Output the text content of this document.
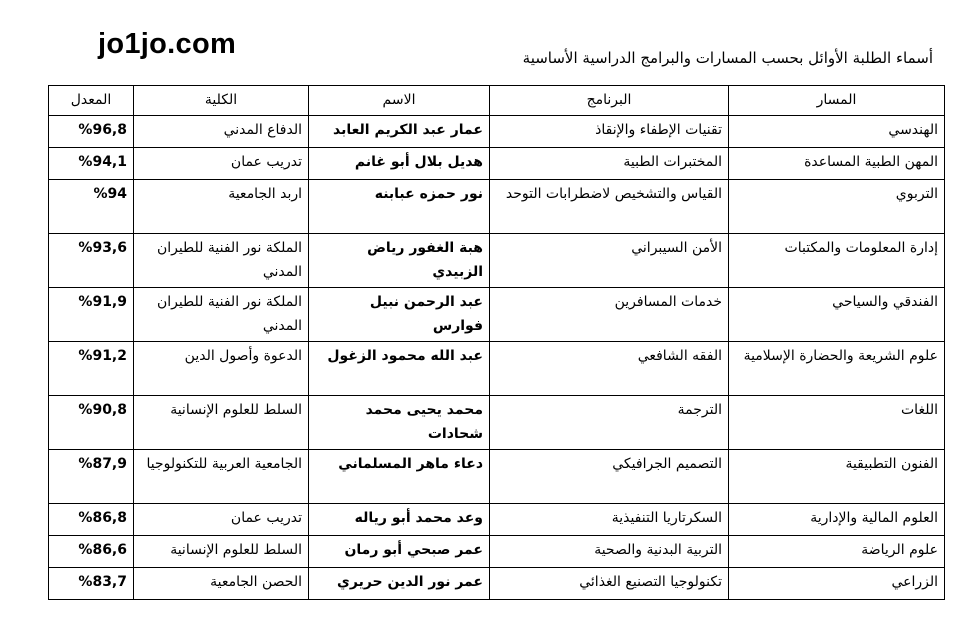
jo1jo.com	أسماء الطلبة الأوائل بحسب المسارات والبرامج الدراسية الأساسية
المسار	البرنامج	الاسم	الكلية	المعدل
الهندسي	تقنيات الإطفاء والإنقاذ	عمار عبد الكريم العابد	الدفاع المدني	%96,8
المهن الطبية المساعدة	المختبرات الطبية	هديل بلال أبو غانم	تدريب عمان	%94,1
التربوي	القياس والتشخيص لاضطرابات التوحد	نور حمزه عبابنه	اربد الجامعية	%94
إدارة المعلومات والمكتبات	الأمن السيبراني	هبة الغفور رياض الزبيدي	الملكة نور الفنية للطيران المدني	%93,6
الفندقي والسياحي	خدمات المسافرين	عبد الرحمن نبيل فوارس	الملكة نور الفنية للطيران المدني	%91,9
علوم الشريعة والحضارة الإسلامية	الفقه الشافعي	عبد الله محمود الزغول	الدعوة وأصول الدين	%91,2
اللغات	الترجمة	محمد يحيى محمد شحادات	السلط للعلوم الإنسانية	%90,8
الفنون التطبيقية	التصميم الجرافيكي	دعاء ماهر المسلماني	الجامعية العربية للتكنولوجيا	%87,9
العلوم المالية والإدارية	السكرتاريا التنفيذية	وعد محمد أبو رياله	تدريب عمان	%86,8
علوم الرياضة	التربية البدنية والصحية	عمر صبحي أبو رمان	السلط للعلوم الإنسانية	%86,6
الزراعي	تكنولوجيا التصنيع الغذائي	عمر نور الدين حريري	الحصن الجامعية	%83,7
